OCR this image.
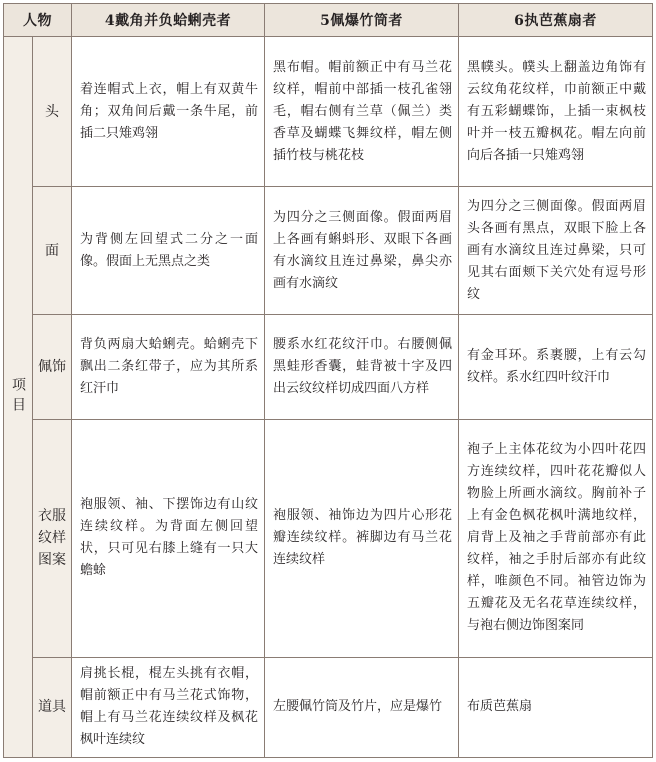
人物		4戴角并负蛤蜊壳者	5佩爆竹筒者	6执芭蕉扇者
项目	头	着连帽式上衣，帽上有双黄牛角；双角间后戴一条牛尾，前插二只雉鸡翎	黑布帽。帽前额正中有马兰花纹样，帽前中部插一枝孔雀翎毛，帽右侧有兰草（佩兰）类香草及蝴蝶飞舞纹样，帽左侧插竹枝与桃花枝	黑幞头。幞头上翻盖边角饰有云纹角花纹样，巾前额正中戴有五彩蝴蝶饰，上插一束枫枝叶并一枝五瓣枫花。帽左向前向后各插一只雉鸡翎
	面	为背侧左回望式二分之一面像。假面上无黑点之类	为四分之三侧面像。假面两眉上各画有蝌蚪形、双眼下各画有水滴纹且连过鼻梁，鼻尖亦画有水滴纹	为四分之三侧面像。假面两眉头各画有黑点，双眼下脸上各画有水滴纹且连过鼻梁，只可见其右面颊下关穴处有逗号形纹
	佩饰	背负两扇大蛤蜊壳。蛤蜊壳下飘出二条红带子，应为其所系红汗巾	腰系水红花纹汗巾。右腰侧佩黑蛙形香囊，蛙背被十字及四出云纹纹样切成四面八方样	有金耳环。系裹腰，上有云勾纹样。系水红四叶纹汗巾
	衣服纹样图案	袍服领、袖、下摆饰边有山纹连续纹样。为背面左侧回望状，只可见右膝上缝有一只大蟾蜍	袍服领、袖饰边为四片心形花瓣连续纹样。裤脚边有马兰花连续纹样	袍子上主体花纹为小四叶花四方连续纹样，四叶花花瓣似人物脸上所画水滴纹。胸前补子上有金色枫花枫叶满地纹样，肩背上及袖之手背前部亦有此纹样，袖之手肘后部亦有此纹样，唯颜色不同。袖管边饰为五瓣花及无名花草连续纹样，与袍右侧边饰图案同
	道具	肩挑长棍，棍左头挑有衣帽，帽前额正中有马兰花式饰物，帽上有马兰花连续纹样及枫花枫叶连续纹	左腰佩竹筒及竹片，应是爆竹	布质芭蕉扇
